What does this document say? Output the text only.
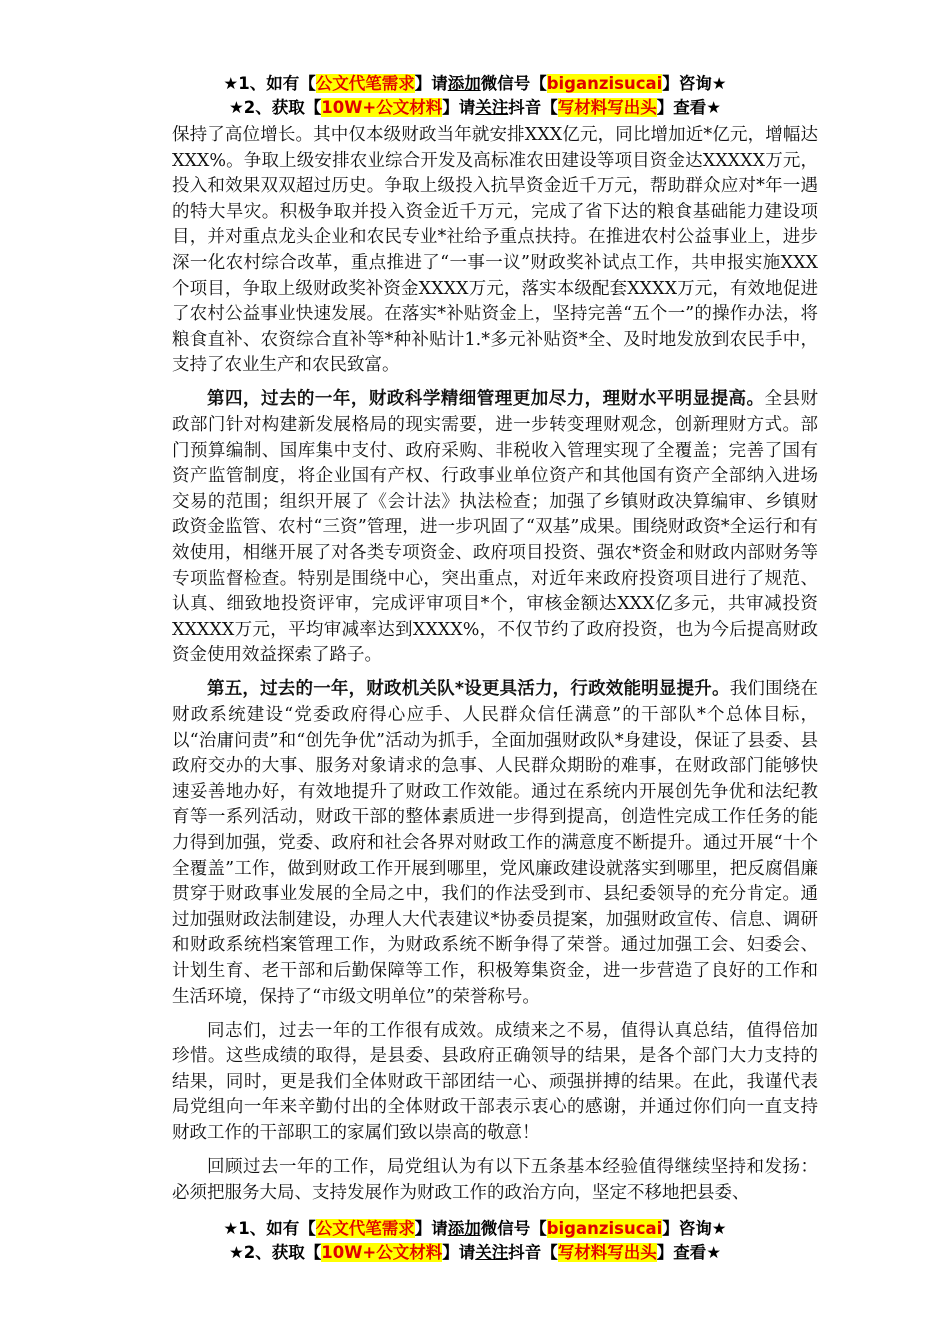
★1、如有【公文代笔需求】请添加微信号【biganzisucai】咨询★
★2、获取【10W+公文材料】请关注抖音【写材料写出头】查看★

保持了高位增长。其中仅本级财政当年就安排XXX亿元，同比增加近*亿元，增幅达XXX%。争取上级安排农业综合开发及高标准农田建设等项目资金达XXXXX万元，投入和效果双双超过历史。争取上级投入抗旱资金近千万元，帮助群众应对*年一遇的特大旱灾。积极争取并投入资金近千万元，完成了省下达的粮食基础能力建设项目，并对重点龙头企业和农民专业*社给予重点扶持。在推进农村公益事业上，进步深一化农村综合改革，重点推进了“一事一议”财政奖补试点工作，共申报实施XXX个项目，争取上级财政奖补资金XXXX万元，落实本级配套XXXX万元，有效地促进了农村公益事业快速发展。在落实*补贴资金上，坚持完善“五个一”的操作办法，将粮食直补、农资综合直补等*种补贴计1.*多元补贴资*全、及时地发放到农民手中，支持了农业生产和农民致富。

第四，过去的一年，财政科学精细管理更加尽力，理财水平明显提高。全县财政部门针对构建新发展格局的现实需要，进一步转变理财观念，创新理财方式。部门预算编制、国库集中支付、政府采购、非税收入管理实现了全覆盖；完善了国有资产监管制度，将企业国有产权、行政事业单位资产和其他国有资产全部纳入进场交易的范围；组织开展了《会计法》执法检查；加强了乡镇财政决算编审、乡镇财政资金监管、农村“三资”管理，进一步巩固了“双基”成果。围绕财政资*全运行和有效使用，相继开展了对各类专项资金、政府项目投资、强农*资金和财政内部财务等专项监督检查。特别是围绕中心，突出重点，对近年来政府投资项目进行了规范、认真、细致地投资评审，完成评审项目*个，审核金额达XXX亿多元，共审减投资XXXXX万元，平均审减率达到XXXX%，不仅节约了政府投资，也为今后提高财政资金使用效益探索了路子。

第五，过去的一年，财政机关队*设更具活力，行政效能明显提升。我们围绕在财政系统建设“党委政府得心应手、人民群众信任满意”的干部队*个总体目标，以“治庸问责”和“创先争优”活动为抓手，全面加强财政队*身建设，保证了县委、县政府交办的大事、服务对象请求的急事、人民群众期盼的难事，在财政部门能够快速妥善地办好，有效地提升了财政工作效能。通过在系统内开展创先争优和法纪教育等一系列活动，财政干部的整体素质进一步得到提高，创造性完成工作任务的能力得到加强，党委、政府和社会各界对财政工作的满意度不断提升。通过开展“十个全覆盖”工作，做到财政工作开展到哪里，党风廉政建设就落实到哪里，把反腐倡廉贯穿于财政事业发展的全局之中，我们的作法受到市、县纪委领导的充分肯定。通过加强财政法制建设，办理人大代表建议*协委员提案，加强财政宣传、信息、调研和财政系统档案管理工作，为财政系统不断争得了荣誉。通过加强工会、妇委会、计划生育、老干部和后勤保障等工作，积极筹集资金，进一步营造了良好的工作和生活环境，保持了“市级文明单位”的荣誉称号。

同志们，过去一年的工作很有成效。成绩来之不易，值得认真总结，值得倍加珍惜。这些成绩的取得，是县委、县政府正确领导的结果，是各个部门大力支持的结果，同时，更是我们全体财政干部团结一心、顽强拼搏的结果。在此，我谨代表局党组向一年来辛勤付出的全体财政干部表示衷心的感谢，并通过你们向一直支持财政工作的干部职工的家属们致以崇高的敬意！

回顾过去一年的工作，局党组认为有以下五条基本经验值得继续坚持和发扬：必须把服务大局、支持发展作为财政工作的政治方向，坚定不移地把县委、

★1、如有【公文代笔需求】请添加微信号【biganzisucai】咨询★
★2、获取【10W+公文材料】请关注抖音【写材料写出头】查看★
